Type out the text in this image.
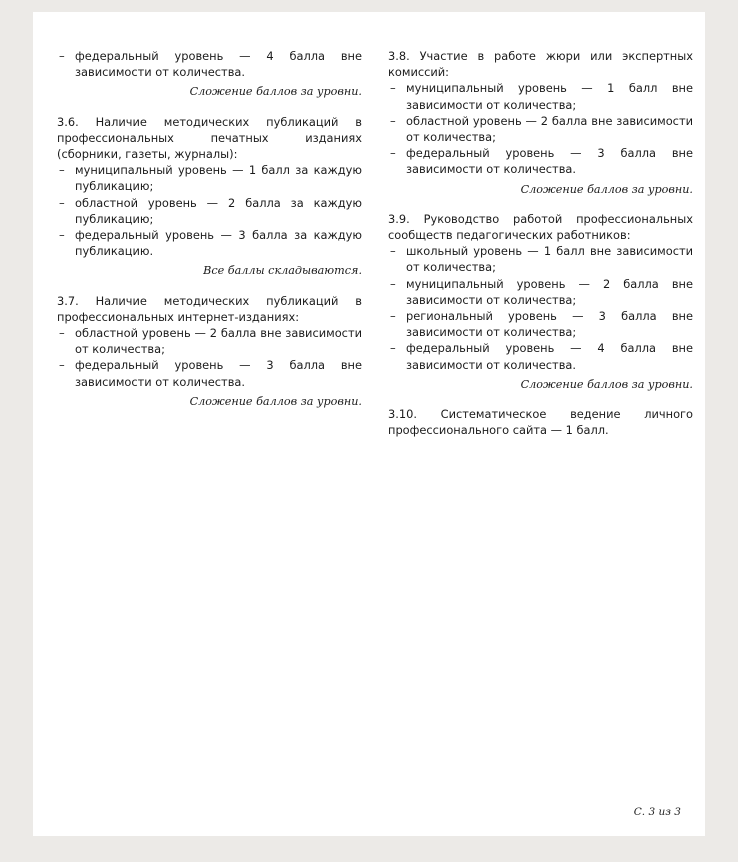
– федеральный уровень — 4 балла вне зависимости от количества.
Сложение баллов за уровни.

3.6. Наличие методических публикаций в профессиональных печатных изданиях (сборники, газеты, журналы):

– муниципальный уровень — 1 балл за каждую публикацию;
– областной уровень — 2 балла за каждую публикацию;
– федеральный уровень — 3 балла за каждую публикацию.
Все баллы складываются.

3.7. Наличие методических публикаций в профессиональных интернет-изданиях:

– областной уровень — 2 балла вне зависимости от количества;
– федеральный уровень — 3 балла вне зависимости от количества.
Сложение баллов за уровни.

3.8. Участие в работе жюри или экспертных комиссий:

– муниципальный уровень — 1 балл вне зависимости от количества;
– областной уровень — 2 балла вне зависимости от количества;
– федеральный уровень — 3 балла вне зависимости от количества.
Сложение баллов за уровни.

3.9. Руководство работой профессиональных сообществ педагогических работников:

– школьный уровень — 1 балл вне зависимости от количества;
– муниципальный уровень — 2 балла вне зависимости от количества;
– региональный уровень — 3 балла вне зависимости от количества;
– федеральный уровень — 4 балла вне зависимости от количества.
Сложение баллов за уровни.

3.10. Систематическое ведение личного профессионального сайта — 1 балл.

С. 3 из 3
